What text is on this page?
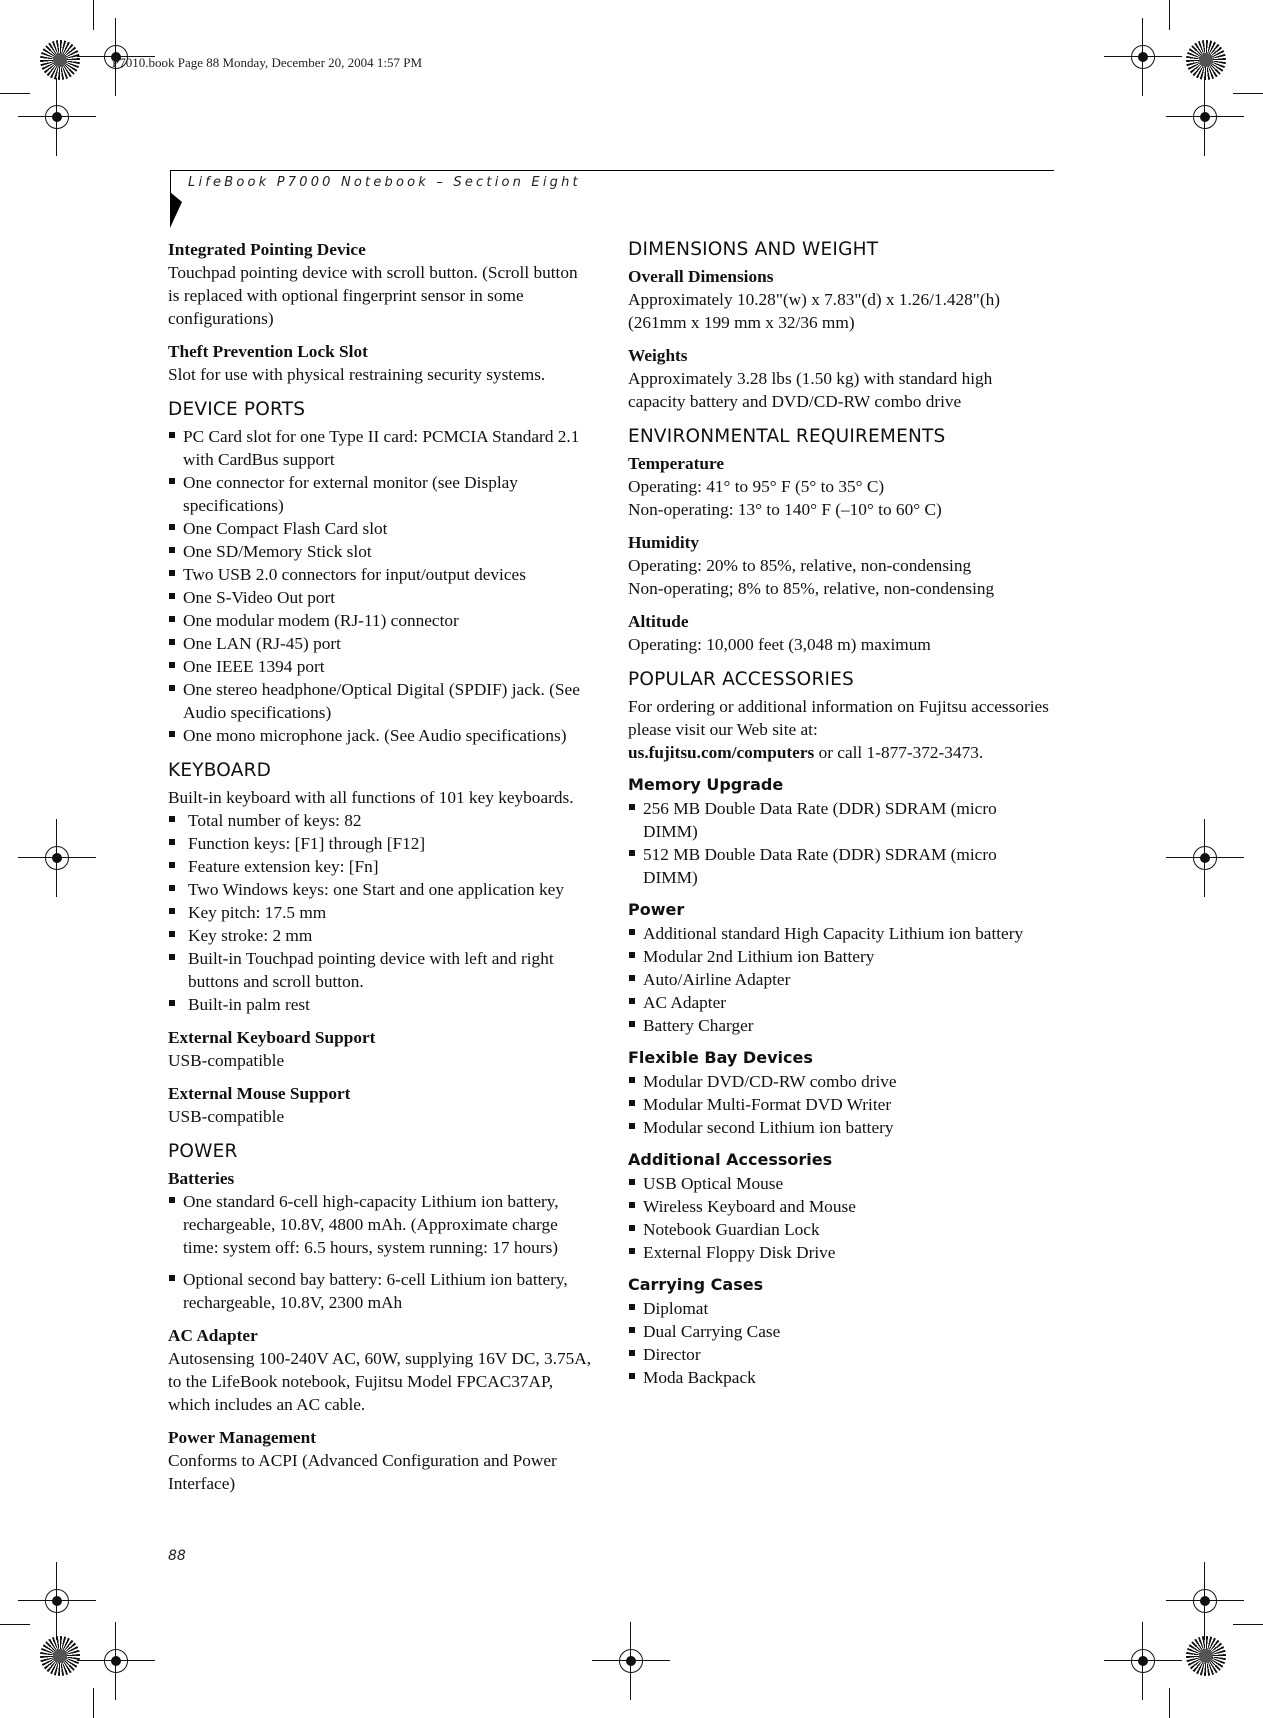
P7010.book Page 88 Monday, December 20, 2004 1:57 PM
LifeBook P7000 Notebook – Section Eight
Integrated Pointing Device

Touchpad pointing device with scroll button. (Scroll button is replaced with optional fingerprint sensor in some configurations)

Theft Prevention Lock Slot

Slot for use with physical restraining security systems.

DEVICE PORTS
PC Card slot for one Type II card: PCMCIA Standard 2.1 with CardBus support
One connector for external monitor (see Display specifications)
One Compact Flash Card slot
One SD/Memory Stick slot
Two USB 2.0 connectors for input/output devices
One S-Video Out port
One modular modem (RJ-11) connector
One LAN (RJ-45) port
One IEEE 1394 port
One stereo headphone/Optical Digital (SPDIF) jack. (See Audio specifications)
One mono microphone jack. (See Audio specifications)
KEYBOARD

Built-in keyboard with all functions of 101 key keyboards.

Total number of keys: 82
Function keys: [F1] through [F12]
Feature extension key: [Fn]
Two Windows keys: one Start and one application key
Key pitch: 17.5 mm
Key stroke: 2 mm
Built-in Touchpad pointing device with left and right buttons and scroll button.
Built-in palm rest
External Keyboard Support

USB-compatible

External Mouse Support

USB-compatible

POWER
Batteries
One standard 6-cell high-capacity Lithium ion battery, rechargeable, 10.8V, 4800 mAh. (Approximate charge time: system off: 6.5 hours, system running: 17 hours)
Optional second bay battery: 6-cell Lithium ion battery, rechargeable, 10.8V, 2300 mAh
AC Adapter

Autosensing 100-240V AC, 60W, supplying 16V DC, 3.75A, to the LifeBook notebook, Fujitsu Model FPCAC37AP, which includes an AC cable.

Power Management

Conforms to ACPI (Advanced Configuration and Power Interface)

DIMENSIONS AND WEIGHT
Overall Dimensions

Approximately 10.28"(w) x 7.83"(d) x 1.26/1.428"(h)

(261mm x 199 mm x 32/36 mm)

Weights

Approximately 3.28 lbs (1.50 kg) with standard high capacity battery and DVD/CD-RW combo drive

ENVIRONMENTAL REQUIREMENTS
Temperature

Operating: 41° to 95° F (5° to 35° C)

Non-operating: 13° to 140° F (–10° to 60° C)

Humidity

Operating: 20% to 85%, relative, non-condensing

Non-operating; 8% to 85%, relative, non-condensing

Altitude

Operating: 10,000 feet (3,048 m) maximum

POPULAR ACCESSORIES

For ordering or additional information on Fujitsu accessories please visit our Web site at:
us.fujitsu.com/computers or call 1-877-372-3473.

Memory Upgrade
256 MB Double Data Rate (DDR) SDRAM (micro DIMM)
512 MB Double Data Rate (DDR) SDRAM (micro DIMM)
Power
Additional standard High Capacity Lithium ion battery
Modular 2nd Lithium ion Battery
Auto/Airline Adapter
AC Adapter
Battery Charger
Flexible Bay Devices
Modular DVD/CD-RW combo drive
Modular Multi-Format DVD Writer
Modular second Lithium ion battery
Additional Accessories
USB Optical Mouse
Wireless Keyboard and Mouse
Notebook Guardian Lock
External Floppy Disk Drive
Carrying Cases
Diplomat
Dual Carrying Case
Director
Moda Backpack
88
